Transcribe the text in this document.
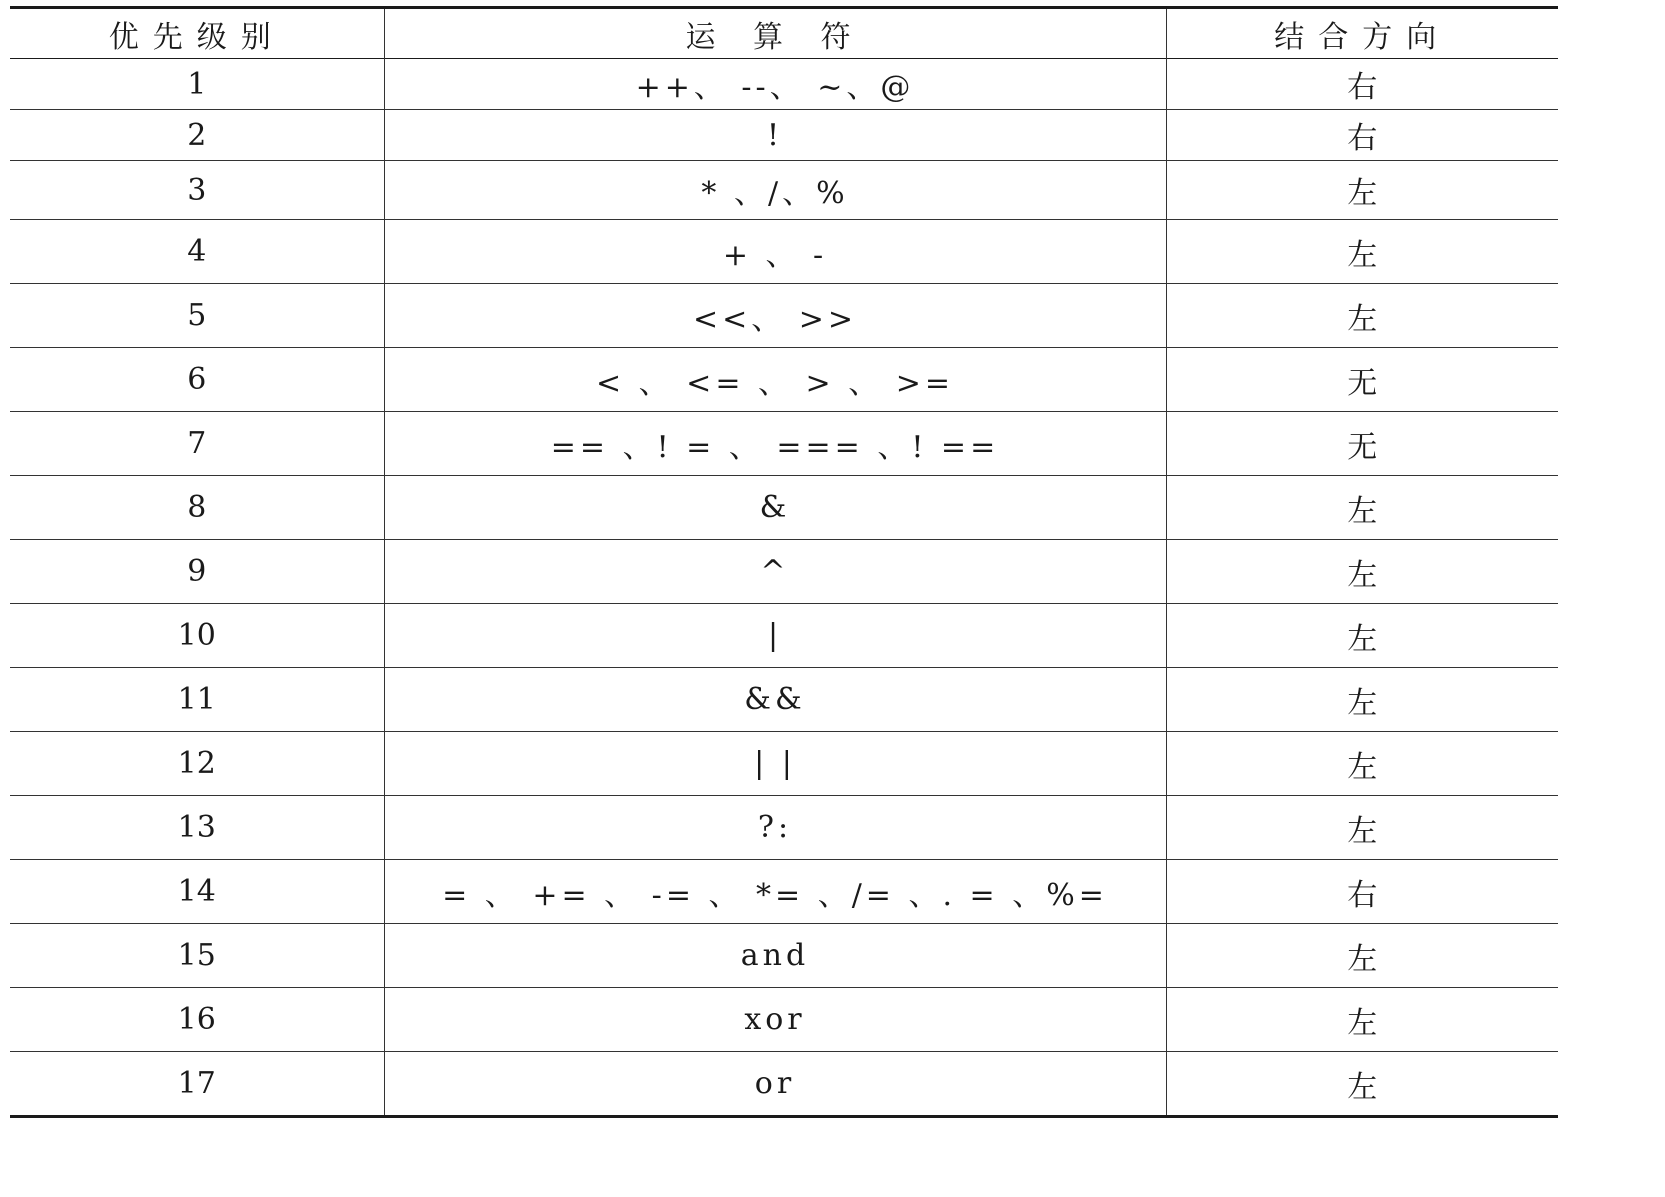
优先级别	运 算 符	结合方向
1	++、 --、 ~、@	右
2	!	右
3	* 、/、%	左
4	+ 、 -	左
5	<<、 >>	左
6	< 、 <= 、 > 、 >=	无
7	== 、! = 、 === 、! ==	无
8	&	左
9	^	左
10	|	左
11	&&	左
12	| |	左
13	?:	左
14	= 、 += 、 -= 、 *= 、/= 、. = 、%=	右
15	and	左
16	xor	左
17	or	左
